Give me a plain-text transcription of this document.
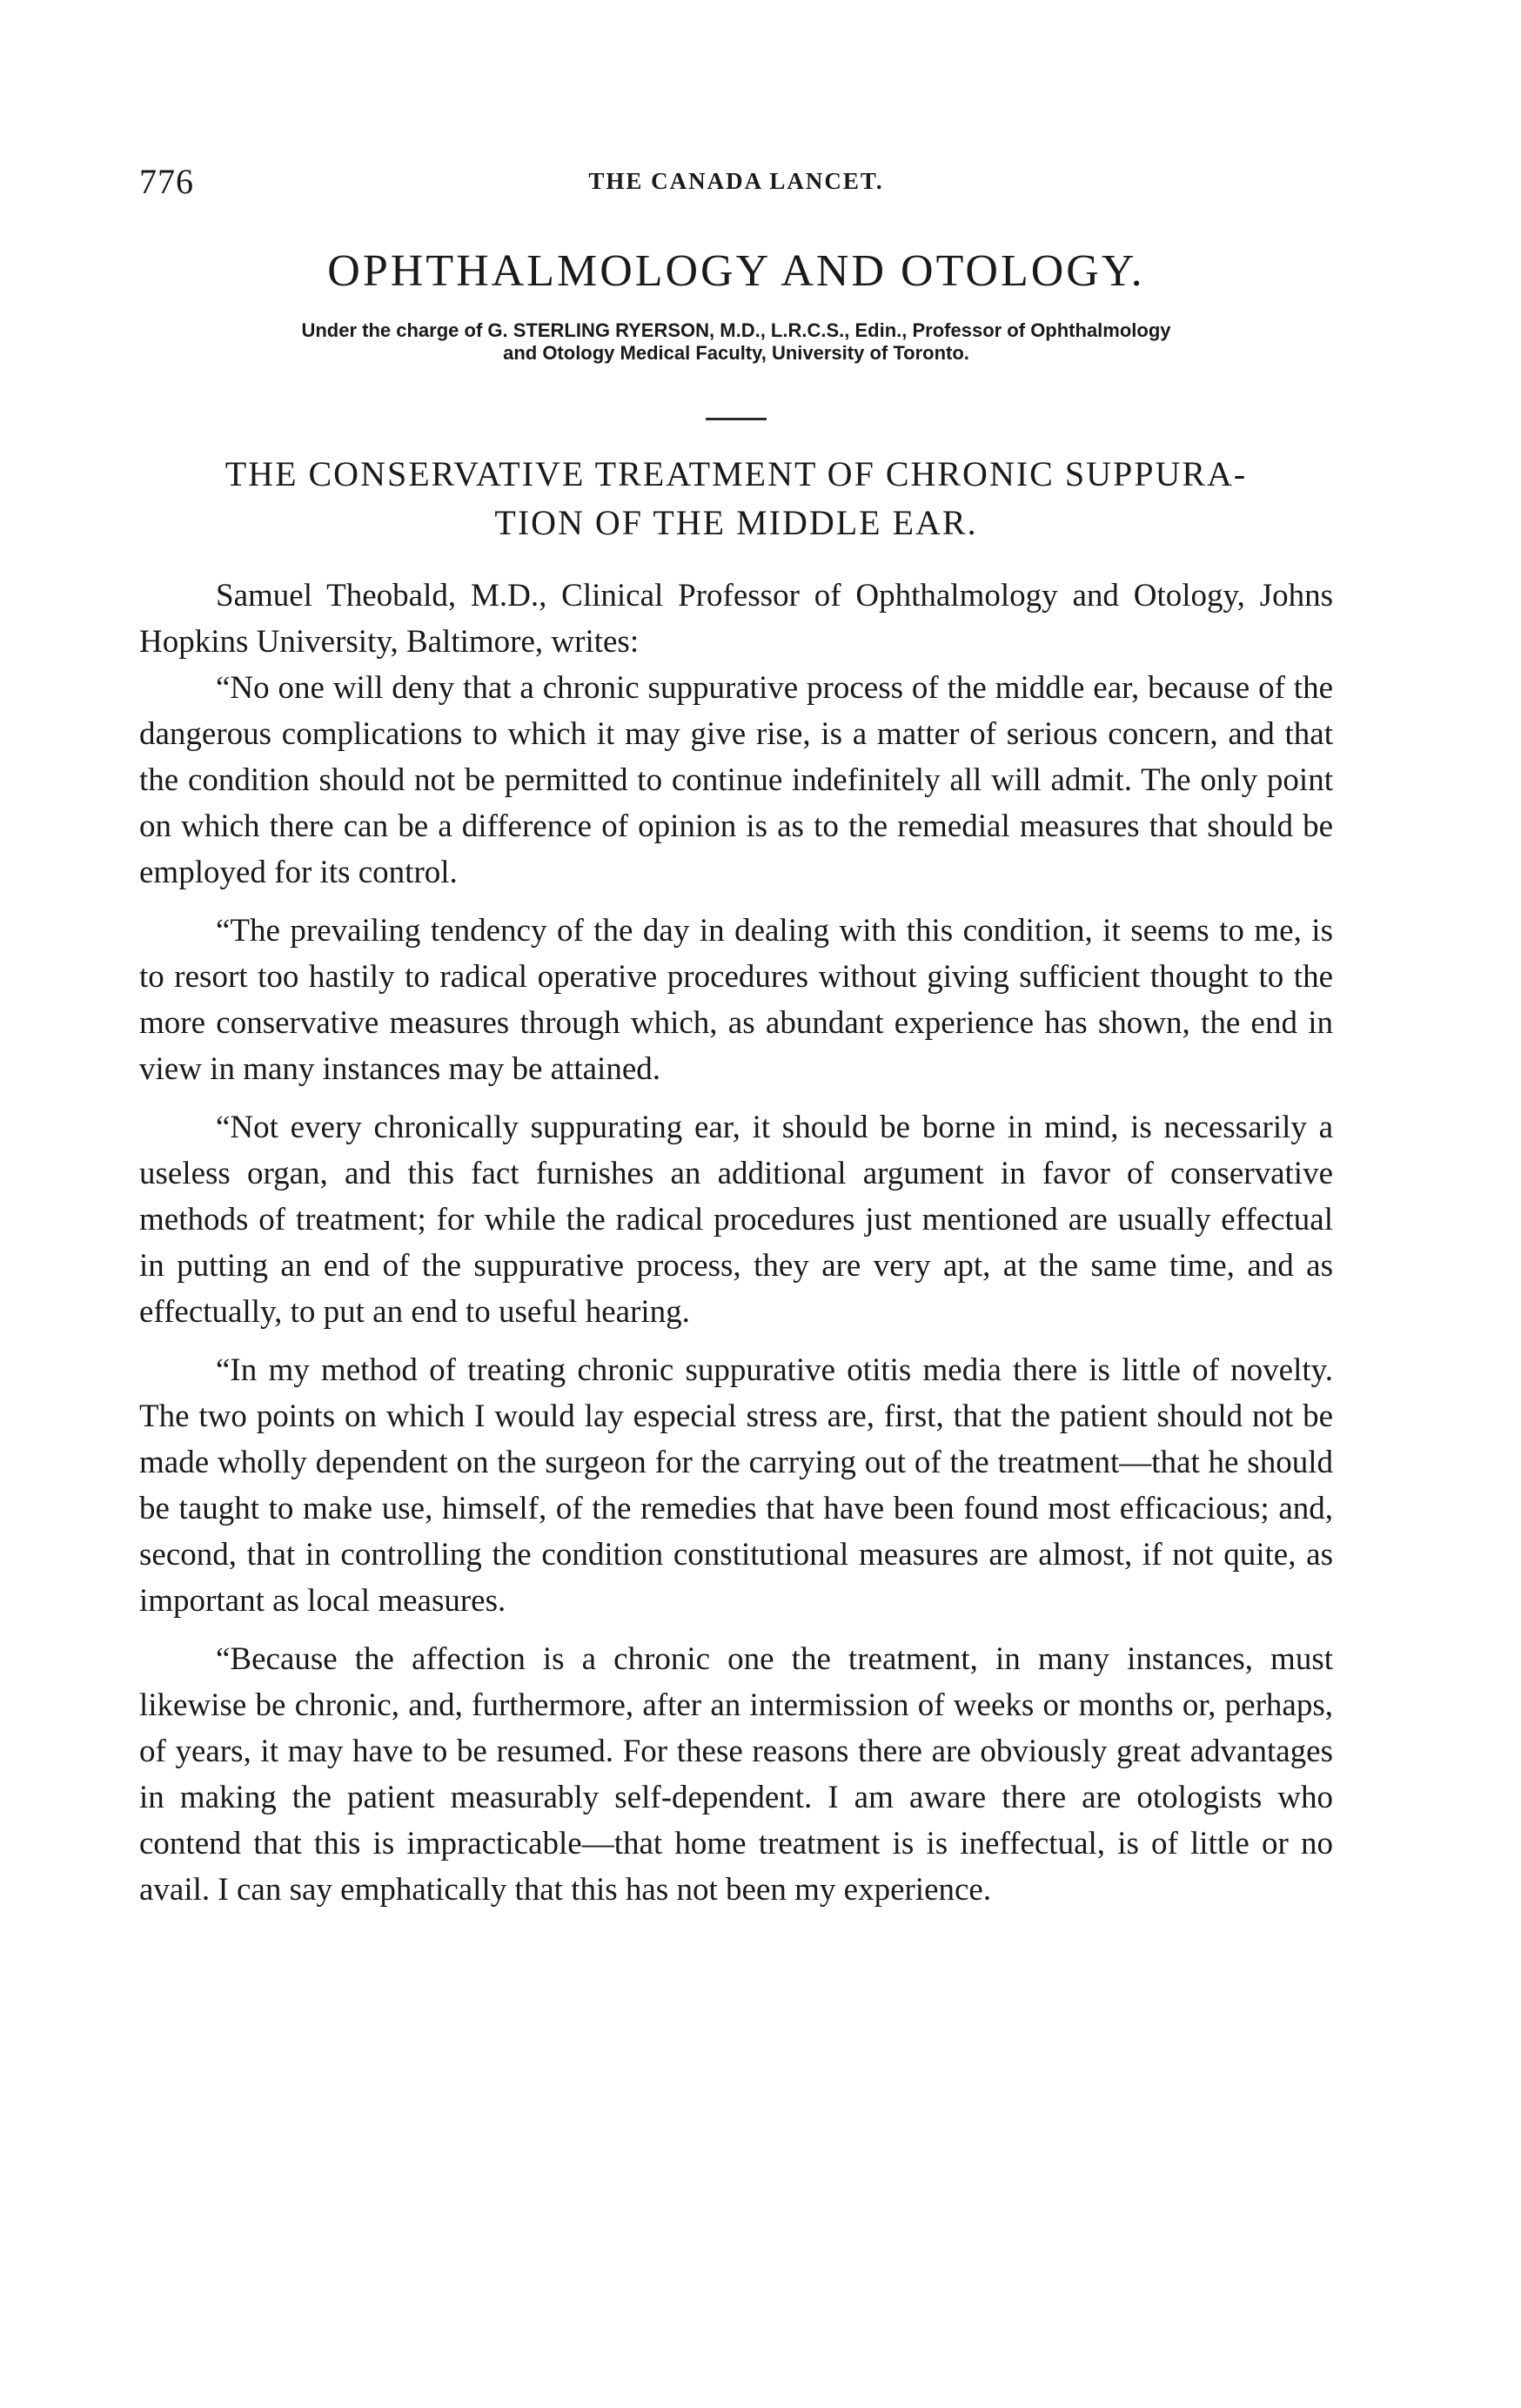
776	THE CANADA LANCET.
OPHTHALMOLOGY AND OTOLOGY.
Under the charge of G. STERLING RYERSON, M.D., L.R.C.S., Edin., Professor of Ophthalmology
and Otology Medical Faculty, University of Toronto.
THE CONSERVATIVE TREATMENT OF CHRONIC SUPPURA-
TION OF THE MIDDLE EAR.

Samuel Theobald, M.D., Clinical Professor of Ophthalmology and Otology, Johns Hopkins University, Baltimore, writes:

“No one will deny that a chronic suppurative process of the middle ear, because of the dangerous complications to which it may give rise, is a matter of serious concern, and that the condition should not be permitted to continue indefinitely all will admit. The only point on which there can be a difference of opinion is as to the remedial measures that should be employed for its control.

“The prevailing tendency of the day in dealing with this condition, it seems to me, is to resort too hastily to radical operative procedures without giving sufficient thought to the more conservative measures through which, as abundant experience has shown, the end in view in many instances may be attained.

“Not every chronically suppurating ear, it should be borne in mind, is necessarily a useless organ, and this fact furnishes an additional argument in favor of conservative methods of treatment; for while the radical procedures just mentioned are usually effectual in putting an end of the suppurative process, they are very apt, at the same time, and as effectually, to put an end to useful hearing.

“In my method of treating chronic suppurative otitis media there is little of novelty. The two points on which I would lay especial stress are, first, that the patient should not be made wholly dependent on the surgeon for the carrying out of the treatment—that he should be taught to make use, himself, of the remedies that have been found most efficacious; and, second, that in controlling the condition constitutional measures are almost, if not quite, as important as local measures.

“Because the affection is a chronic one the treatment, in many instances, must likewise be chronic, and, furthermore, after an intermission of weeks or months or, perhaps, of years, it may have to be resumed. For these reasons there are obviously great advantages in making the patient measurably self-dependent. I am aware there are otologists who contend that this is impracticable—that home treatment is is ineffectual, is of little or no avail. I can say emphatically that this has not been my experience.
